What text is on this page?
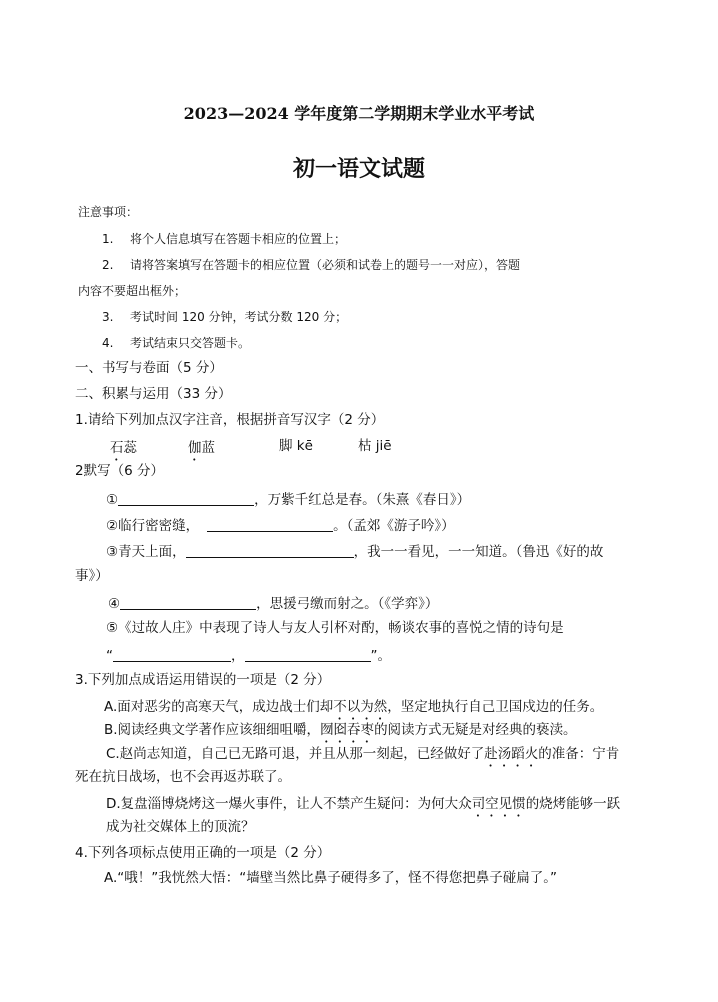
2023—2024 学年度第二学期期末学业水平考试
初一语文试题
注意事项：
1. 将个人信息填写在答题卡相应的位置上；
2. 请将答案填写在答题卡的相应位置（必须和试卷上的题号一一对应），答题
内容不要超出框外；
3. 考试时间 120 分钟，考试分数 120 分；
4. 考试结束只交答题卡。
一、书写与卷面（5 分）
二、积累与运用（33 分）
1.请给下列加点汉字注音，根据拼音写汉字（2 分）
石蕊	伽蓝	脚 kē	枯 jiē
2默写（6 分）
①	，万紫千红总是春。（朱熹《春日》）
②临行密密缝，	。（孟郊《游子吟》）
③青天上面，	，我一一看见，一一知道。（鲁迅《好的故
事》）
④	，思援弓缴而射之。（《学弈》）
⑤《过故人庄》中表现了诗人与友人引杯对酌，畅谈农事的喜悦之情的诗句是
“	，	”。
3.下列加点成语运用错误的一项是（2 分）
A.面对恶劣的高寒天气，成边战士们却不以为然，坚定地执行自己卫国戍边的任务。
B.阅读经典文学著作应该细细咀嚼，囫囵吞枣的阅读方式无疑是对经典的亵渎。
C.赵尚志知道，自己已无路可退，并且从那一刻起，已经做好了赴汤蹈火的准备：宁肯
死在抗日战场，也不会再返苏联了。
D.复盘淄博烧烤这一爆火事件，让人不禁产生疑问：为何大众司空见惯的烧烤能够一跃
成为社交媒体上的顶流？
4.下列各项标点使用正确的一项是（2 分）
A.“哦！”我恍然大悟：“墙壁当然比鼻子硬得多了，怪不得您把鼻子碰扁了。”
